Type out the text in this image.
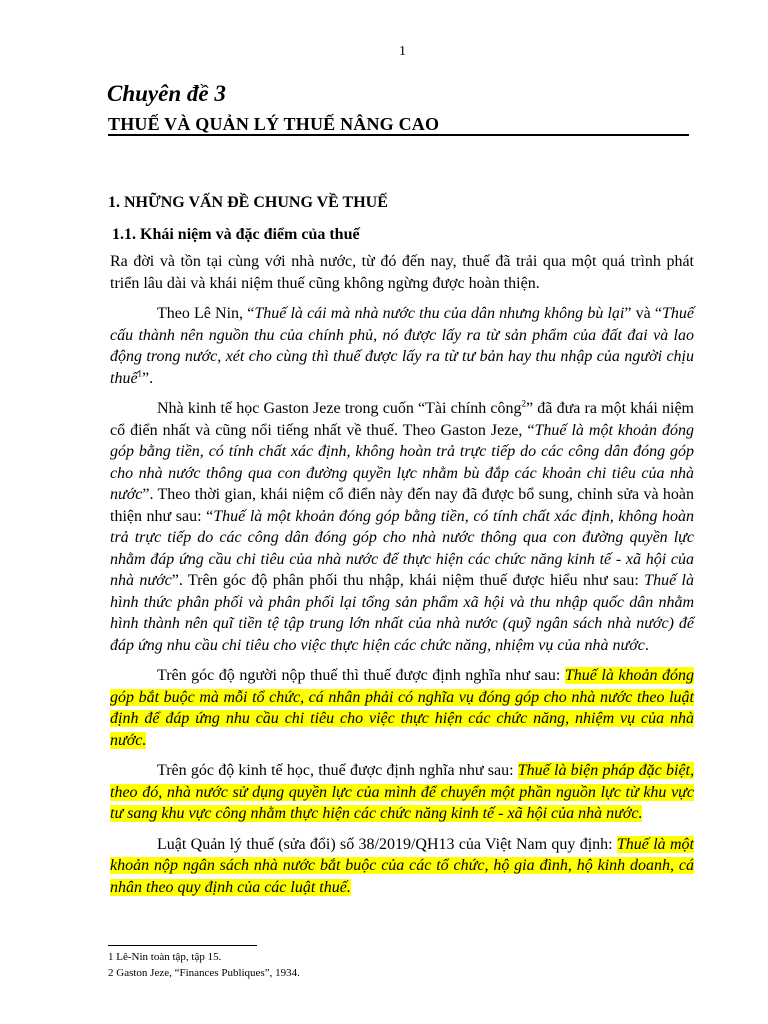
1
Chuyên đề 3
THUẾ VÀ QUẢN LÝ THUẾ NÂNG CAO
1. NHỮNG VẤN ĐỀ CHUNG VỀ THUẾ
1.1. Khái niệm và đặc điểm của thuế

Ra đời và tồn tại cùng với nhà nước, từ đó đến nay, thuế đã trải qua một quá trình phát triển lâu dài và khái niệm thuế cũng không ngừng được hoàn thiện.

Theo Lê Nin, “Thuế là cái mà nhà nước thu của dân nhưng không bù lại” và “Thuế cấu thành nên nguồn thu của chính phủ, nó được lấy ra từ sản phẩm của đất đai và lao động trong nước, xét cho cùng thì thuế được lấy ra từ tư bản hay thu nhập của người chịu thuế$^1$”.

Nhà kinh tế học Gaston Jeze trong cuốn “Tài chính công$^2$” đã đưa ra một khái niệm cổ điển nhất và cũng nổi tiếng nhất về thuế. Theo Gaston Jeze, “Thuế là một khoản đóng góp bằng tiền, có tính chất xác định, không hoàn trả trực tiếp do các công dân đóng góp cho nhà nước thông qua con đường quyền lực nhằm bù đắp các khoản chi tiêu của nhà nước”. Theo thời gian, khái niệm cổ điển này đến nay đã được bổ sung, chỉnh sửa và hoàn thiện như sau: “Thuế là một khoản đóng góp bằng tiền, có tính chất xác định, không hoàn trả trực tiếp do các công dân đóng góp cho nhà nước thông qua con đường quyền lực nhằm đáp ứng cầu chi tiêu của nhà nước để thực hiện các chức năng kinh tế - xã hội của nhà nước”. Trên góc độ phân phối thu nhập, khái niệm thuế được hiểu như sau: Thuế là hình thức phân phối và phân phối lại tổng sản phẩm xã hội và thu nhập quốc dân nhằm hình thành nên quĩ tiền tệ tập trung lớn nhất của nhà nước (quỹ ngân sách nhà nước) để đáp ứng nhu cầu chi tiêu cho việc thực hiện các chức năng, nhiệm vụ của nhà nước.

Trên góc độ người nộp thuế thì thuế được định nghĩa như sau: Thuế là khoản đóng góp bắt buộc mà mỗi tổ chức, cá nhân phải có nghĩa vụ đóng góp cho nhà nước theo luật định để đáp ứng nhu cầu chi tiêu cho việc thực hiện các chức năng, nhiệm vụ của nhà nước.

Trên góc độ kinh tế học, thuế được định nghĩa như sau: Thuế là biện pháp đặc biệt, theo đó, nhà nước sử dụng quyền lực của mình để chuyển một phần nguồn lực từ khu vực tư sang khu vực công nhằm thực hiện các chức năng kinh tế - xã hội của nhà nước.

Luật Quản lý thuế (sửa đổi) số 38/2019/QH13 của Việt Nam quy định: Thuế là một khoản nộp ngân sách nhà nước bắt buộc của các tổ chức, hộ gia đình, hộ kinh doanh, cá nhân theo quy định của các luật thuế.

1 Lê-Nin toàn tập, tập 15.
2 Gaston Jeze, “Finances Publiques”, 1934.
